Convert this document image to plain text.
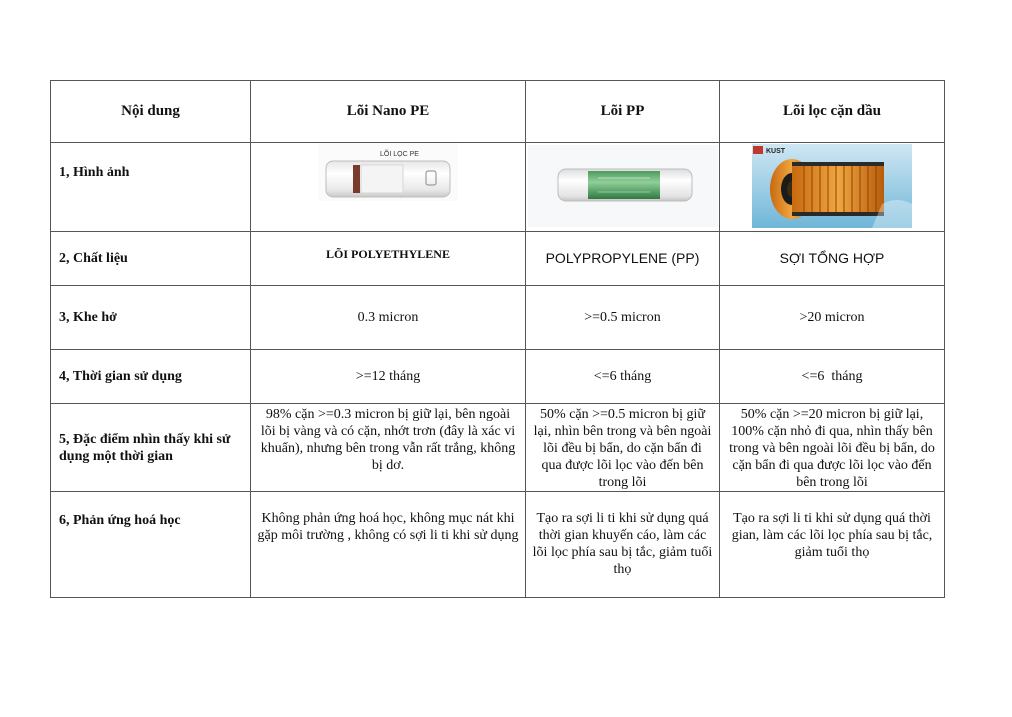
Nội dung	Lõi Nano PE	Lõi PP	Lõi lọc cặn dầu
1, Hình ảnh	LÕI LỌC PE		KUST

2, Chất liệu	LÕI POLYETHYLENE	POLYPROPYLENE (PP)	SỢI TỔNG HỢP
3, Khe hở	0.3 micron	>=0.5 micron	>20 micron
4, Thời gian sử dụng	>=12 tháng	<=6 tháng	<=6  tháng
5, Đặc điểm nhìn thấy khi sử dụng một thời gian	98% cặn >=0.3 micron bị giữ lại, bên ngoài lõi bị vàng và có cặn, nhớt trơn (đây là xác vi khuẩn), nhưng bên trong vẫn rất trắng, không bị dơ.	50% cặn >=0.5 micron bị giữ lại, nhìn bên trong và bên ngoài lõi đều bị bẩn, do cặn bẩn đi qua được lõi lọc vào đến bên trong lõi	50% cặn >=20 micron bị giữ lại, 100% cặn nhỏ đi qua, nhìn thấy bên trong và bên ngoài lõi đều bị bẩn, do cặn bẩn đi qua được lõi lọc vào đến bên trong lõi
6, Phản ứng hoá học	Không phản ứng hoá học, không mục nát khi gặp môi trường , không có sợi li ti khi sử dụng	Tạo ra sợi li ti khi sử dụng quá thời gian khuyến cáo, làm các lõi lọc phía sau bị tắc, giảm tuổi thọ	Tạo ra sợi li ti khi sử dụng quá thời gian, làm các lõi lọc phía sau bị tắc, giảm tuổi thọ
